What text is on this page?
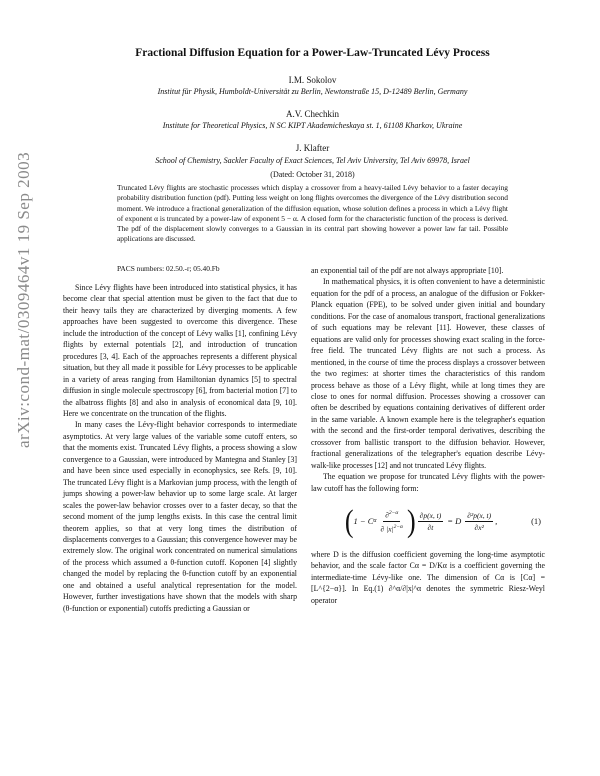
arXiv:cond-mat/0309464v1 19 Sep 2003
Fractional Diffusion Equation for a Power-Law-Truncated Lévy Process
I.M. Sokolov
Institut für Physik, Humboldt-Universität zu Berlin, Newtonstraße 15, D-12489 Berlin, Germany
A.V. Chechkin
Institute for Theoretical Physics, N SC KIPT Akademicheskaya st. 1, 61108 Kharkov, Ukraine
J. Klafter
School of Chemistry, Sackler Faculty of Exact Sciences, Tel Aviv University, Tel Aviv 69978, Israel
(Dated: October 31, 2018)

Truncated Lévy flights are stochastic processes which display a crossover from a heavy-tailed Lévy behavior to a faster decaying probability distribution function (pdf). Putting less weight on long flights overcomes the divergence of the Lévy distribution second moment. We introduce a fractional generalization of the diffusion equation, whose solution defines a process in which a Lévy flight of exponent α is truncated by a power-law of exponent 5 − α. A closed form for the characteristic function of the process is derived. The pdf of the displacement slowly converges to a Gaussian in its central part showing however a power law far tail. Possible applications are discussed.

PACS numbers: 02.50.-r; 05.40.Fb

Since Lévy flights have been introduced into statistical physics, it has become clear that special attention must be given to the fact that due to their heavy tails they are characterized by diverging moments. A few approaches have been suggested to overcome this divergence. These include the introduction of the concept of Lévy walks [1], confining Lévy flights by external potentials [2], and introduction of truncation procedures [3, 4]. Each of the approaches represents a different physical situation, but they all made it possible for Lévy processes to be applicable in a variety of areas ranging from Hamiltonian dynamics [5] to spectral diffusion in single molecule spectroscopy [6], from bacterial motion [7] to the albatross flights [8] and also in analysis of economical data [9, 10]. Here we concentrate on the truncation of the flights.

In many cases the Lévy-flight behavior corresponds to intermediate asymptotics. At very large values of the variable some cutoff enters, so that the moments exist. Truncated Lévy flights, a process showing a slow convergence to a Gaussian, were introduced by Mantegna and Stanley [3] and have been since used especially in econophysics, see Refs. [9, 10]. The truncated Lévy flight is a Markovian jump process, with the length of jumps showing a power-law behavior up to some large scale. At larger scales the power-law behavior crosses over to a faster decay, so that the second moment of the jump lengths exists. In this case the central limit theorem applies, so that at very long times the distribution of displacements converges to a Gaussian; this convergence however may be extremely slow. The original work concentrated on numerical simulations of the process which assumed a θ-function cutoff. Koponen [4] slightly changed the model by replacing the θ-function cutoff by an exponential one and obtained a useful analytical representation for the model. However, further investigations have shown that the models with sharp (θ-function or exponential) cutoffs predicting a Gaussian or

an exponential tail of the pdf are not always appropriate [10].

In mathematical physics, it is often convenient to have a deterministic equation for the pdf of a process, an analogue of the diffusion or Fokker-Planck equation (FPE), to be solved under given initial and boundary conditions. For the case of anomalous transport, fractional generalizations of such equations may be relevant [11]. However, these classes of equations are valid only for processes showing exact scaling in the force-free field. The truncated Lévy flights are not such a process. As mentioned, in the course of time the process displays a crossover between the two regimes: at shorter times the characteristics of this random process behave as those of a Lévy flight, while at long times they are close to ones for normal diffusion. Processes showing a crossover can often be described by equations containing derivatives of different order in the same variable. A known example here is the telegrapher's equation with the second and the first-order temporal derivatives, describing the crossover from ballistic transport to the diffusion behavior. However, fractional generalizations of the telegrapher's equation describe Lévy-walk-like processes [12] and not truncated Lévy flights.

The equation we propose for truncated Lévy flights with the power-law cutoff has the following form:

( 1 − C α $\frac{\partial^{2-\alpha}}{\partial |x|^{2-\alpha}}$ ) $\frac{\partial p(x, t)}{\partial t} = D \frac{\text{∂²p(x, t)}}{\text{∂x²}}$ ,	(1)

where D is the diffusion coefficient governing the long-time asymptotic behavior, and the scale factor Cα = D/Kα is a coefficient governing the intermediate-time Lévy-like one. The dimension of Cα is [Cα] = [L^{2−α}]. In Eq.(1) ∂^α/∂|x|^α denotes the symmetric Riesz-Weyl operator
